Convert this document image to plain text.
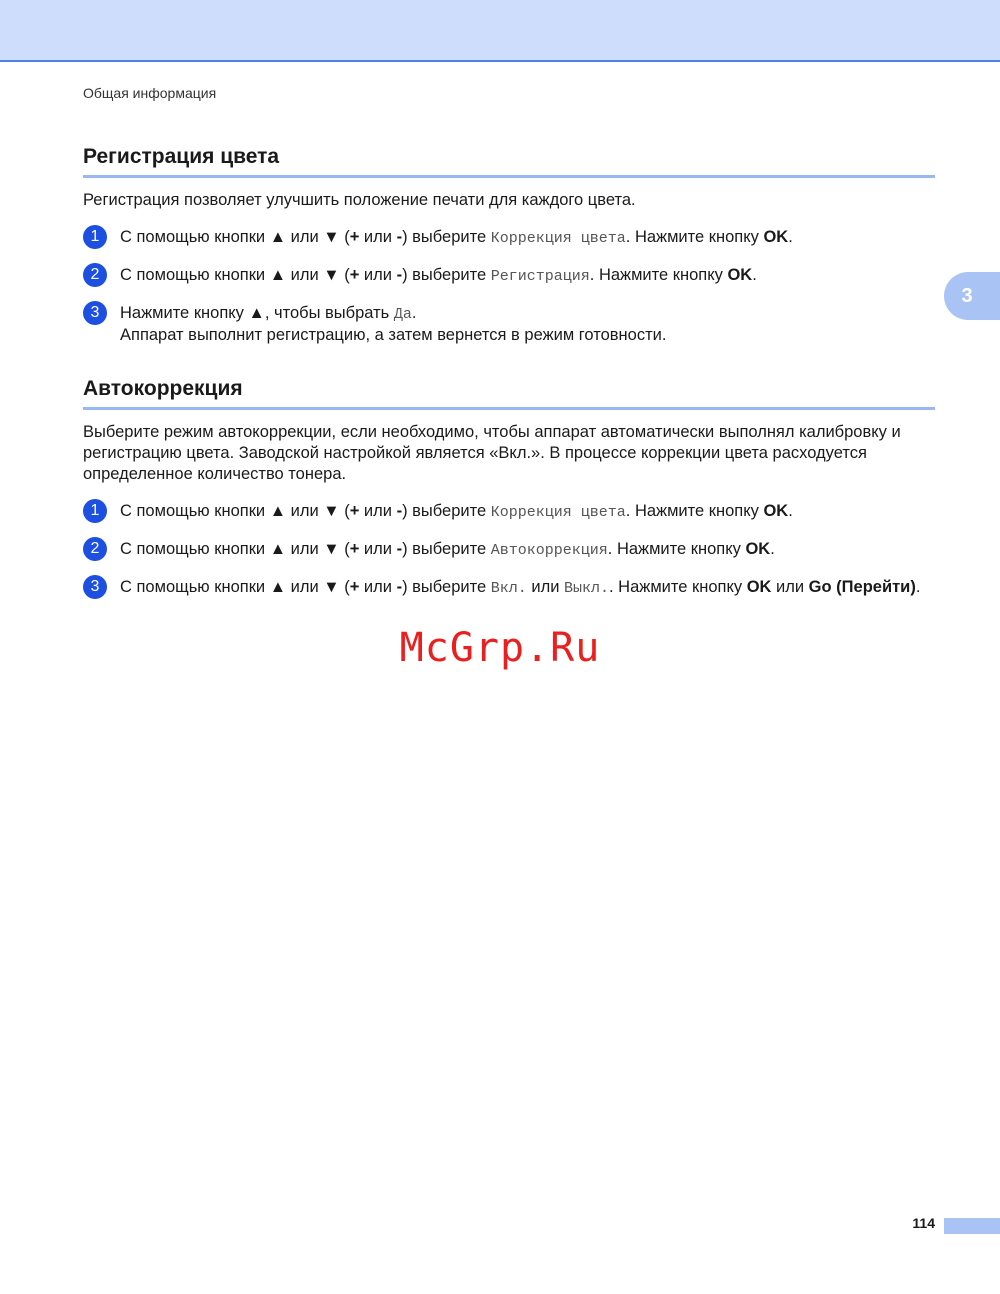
Общая информация
3
Регистрация цвета
Регистрация позволяет улучшить положение печати для каждого цвета.
1	С помощью кнопки ▲ или ▼ (+ или -) выберите Коррекция цвета. Нажмите кнопку OK.
2	С помощью кнопки ▲ или ▼ (+ или -) выберите Регистрация. Нажмите кнопку OK.
3	Нажмите кнопку ▲, чтобы выбрать Да.
Аппарат выполнит регистрацию, а затем вернется в режим готовности.
Автокоррекция
Выберите режим автокоррекции, если необходимо, чтобы аппарат автоматически выполнял калибровку и регистрацию цвета. Заводской настройкой является «Вкл.». В процессе коррекции цвета расходуется определенное количество тонера.
1	С помощью кнопки ▲ или ▼ (+ или -) выберите Коррекция цвета. Нажмите кнопку OK.
2	С помощью кнопки ▲ или ▼ (+ или -) выберите Автокоррекция. Нажмите кнопку OK.
3	С помощью кнопки ▲ или ▼ (+ или -) выберите Вкл. или Выкл.. Нажмите кнопку OK или Go (Перейти).
McGrp.Ru
114
